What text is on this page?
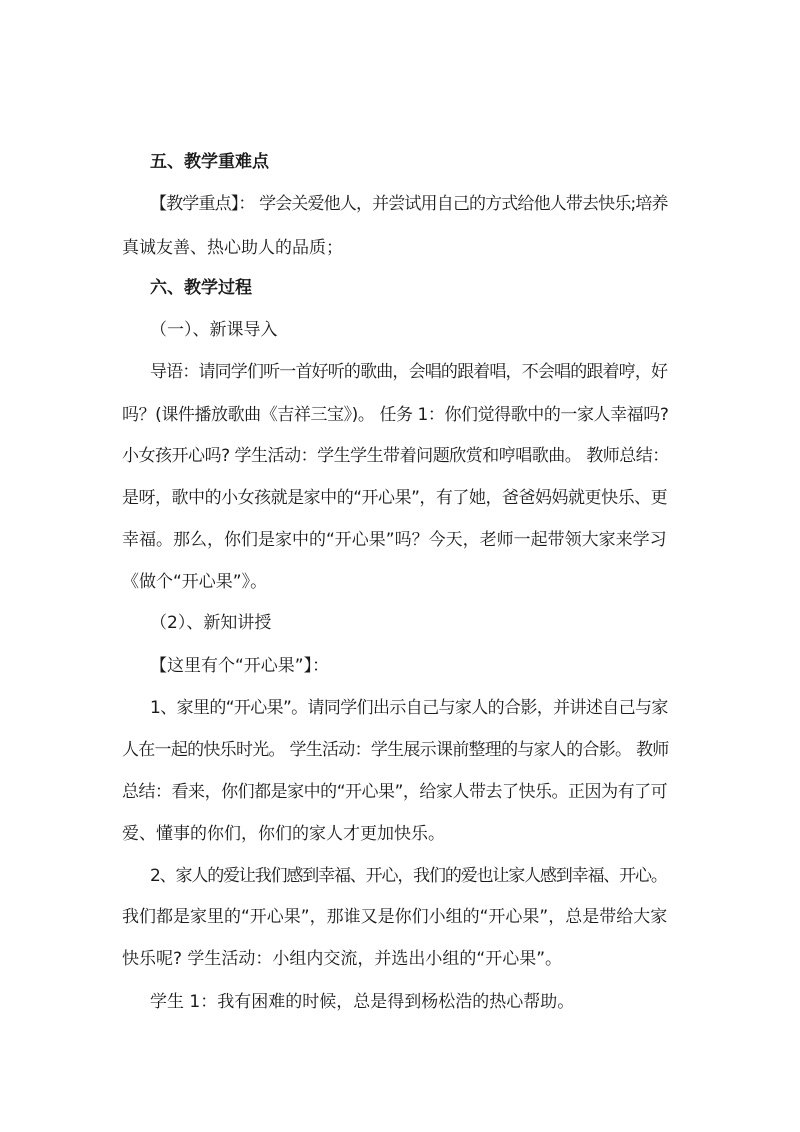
五、教学重难点
【教学重点】： 学会关爱他人，并尝试用自己的方式给他人带去快乐;培养
真诚友善、热心助人的品质；
六、教学过程
（一）、新课导入
导语：请同学们听一首好听的歌曲，会唱的跟着唱，不会唱的跟着哼，好
吗？(课件播放歌曲《吉祥三宝》)。 任务 1：你们觉得歌中的一家人幸福吗?
小女孩开心吗? 学生活动：学生学生带着问题欣赏和哼唱歌曲。 教师总结：
是呀，歌中的小女孩就是家中的“开心果”，有了她，爸爸妈妈就更快乐、更
幸福。那么，你们是家中的“开心果”吗？今天，老师一起带领大家来学习
《做个“开心果”》。
（2）、新知讲授
【这里有个“开心果”】：
1、家里的“开心果”。请同学们出示自己与家人的合影，并讲述自己与家
人在一起的快乐时光。 学生活动：学生展示课前整理的与家人的合影。 教师
总结：看来，你们都是家中的“开心果”，给家人带去了快乐。正因为有了可
爱、懂事的你们，你们的家人才更加快乐。
2、家人的爱让我们感到幸福、开心，我们的爱也让家人感到幸福、开心。
我们都是家里的“开心果”，那谁又是你们小组的“开心果”，总是带给大家
快乐呢? 学生活动：小组内交流，并选出小组的“开心果”。
学生 1：我有困难的时候，总是得到杨松浩的热心帮助。
